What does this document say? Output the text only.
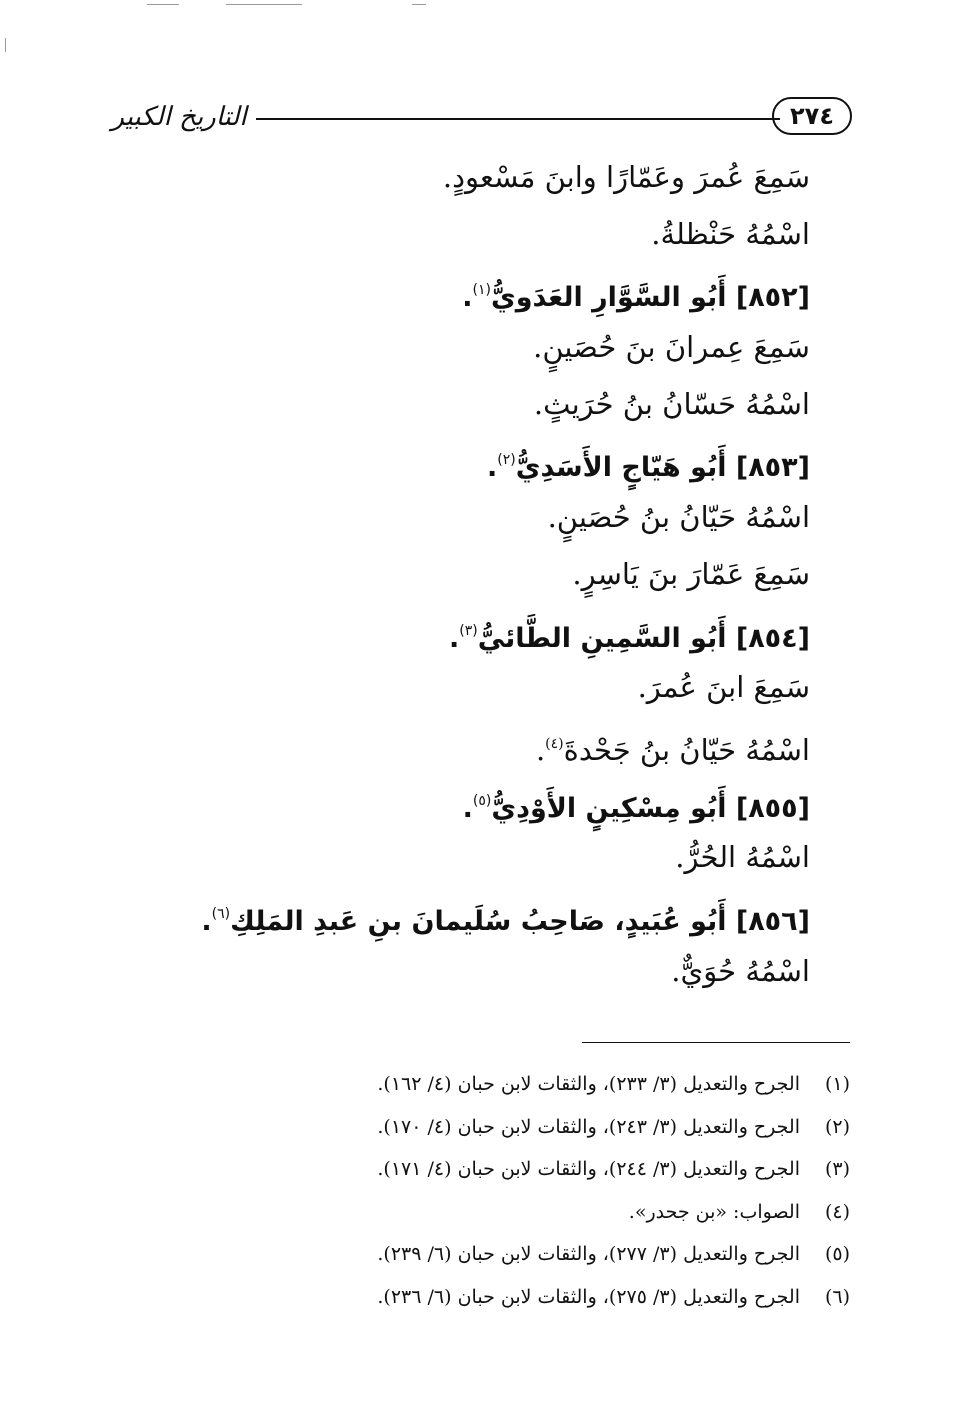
التاريخ الكبير	٢٧٤
سَمِعَ عُمرَ وعَمّارًا وابنَ مَسْعودٍ.
اسْمُهُ حَنْظلةُ.
[٨٥٢] أَبُو السَّوَّارِ العَدَويُّ$^{(١)}$.
سَمِعَ عِمرانَ بنَ حُصَينٍ.
اسْمُهُ حَسّانُ بنُ حُرَيثٍ.
[٨٥٣] أَبُو هَيّاجٍ الأَسَدِيُّ$^{(٢)}$.
اسْمُهُ حَيّانُ بنُ حُصَينٍ.
سَمِعَ عَمّارَ بنَ يَاسِرٍ.
[٨٥٤] أَبُو السَّمِينِ الطَّائيُّ$^{(٣)}$.
سَمِعَ ابنَ عُمرَ.
اسْمُهُ حَيّانُ بنُ جَحْدةَ$^{(٤)}$.
[٨٥٥] أَبُو مِسْكِينٍ الأَوْدِيُّ$^{(٥)}$.
اسْمُهُ الحُرُّ.
[٨٥٦] أَبُو عُبَيدٍ، صَاحِبُ سُلَيمانَ بنِ عَبدِ المَلِكِ$^{(٦)}$.
اسْمُهُ حُوَيٌّ.
(١)
الجرح والتعديل (٣/ ٢٣٣)، والثقات لابن حبان (٤/ ١٦٢).
(٢)
الجرح والتعديل (٣/ ٢٤٣)، والثقات لابن حبان (٤/ ١٧٠).
(٣)
الجرح والتعديل (٣/ ٢٤٤)، والثقات لابن حبان (٤/ ١٧١).
(٤)
الصواب: «بن جحدر».
(٥)
الجرح والتعديل (٣/ ٢٧٧)، والثقات لابن حبان (٦/ ٢٣٩).
(٦)
الجرح والتعديل (٣/ ٢٧٥)، والثقات لابن حبان (٦/ ٢٣٦).
